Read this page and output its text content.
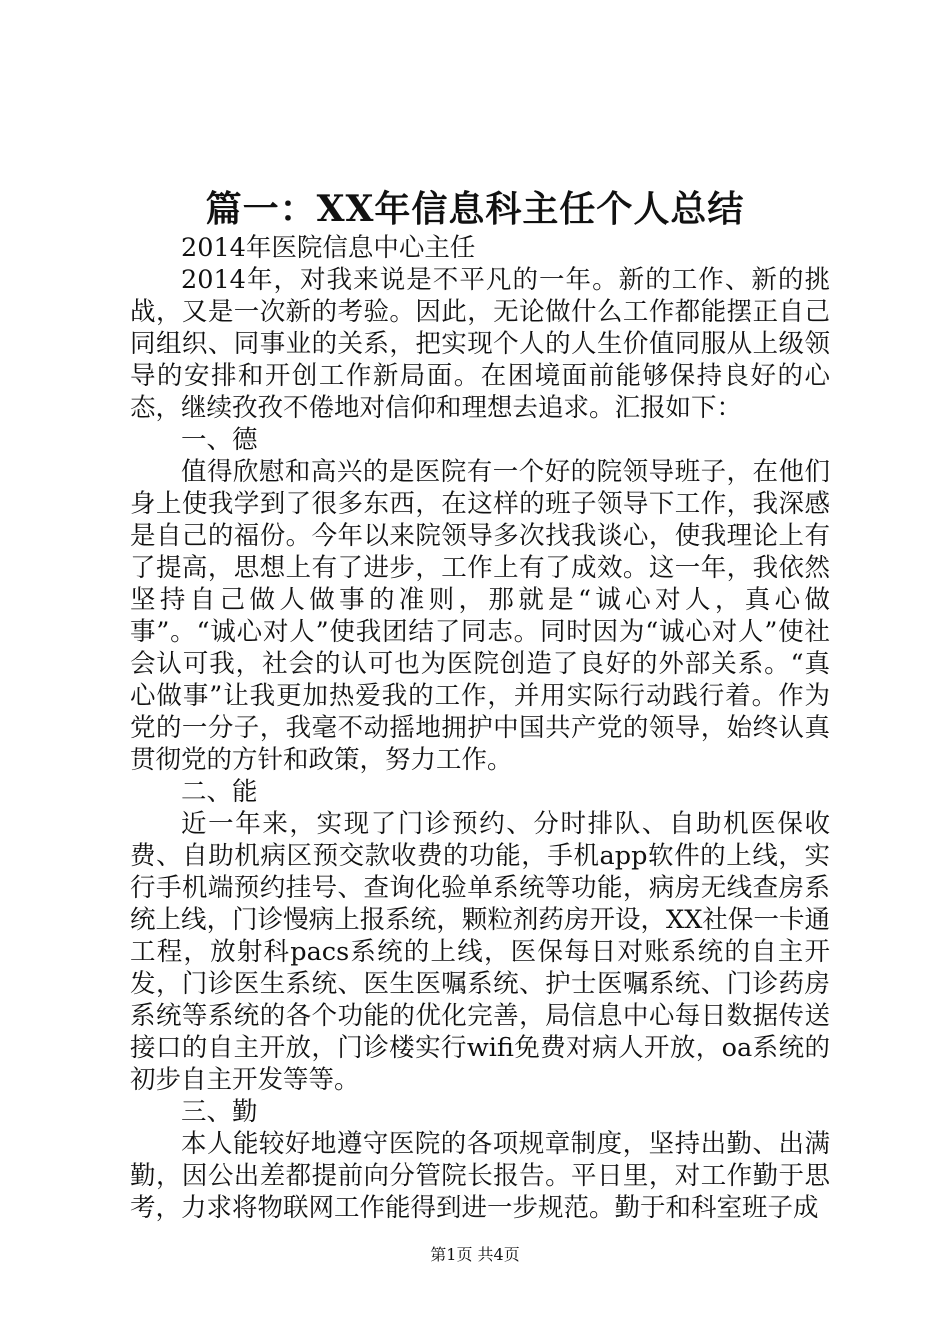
篇一：XX年信息科主任个人总结

2014年医院信息中心主任

2014年，对我来说是不平凡的一年。新的工作、新的挑战，又是一次新的考验。因此，无论做什么工作都能摆正自己同组织、同事业的关系，把实现个人的人生价值同服从上级领导的安排和开创工作新局面。在困境面前能够保持良好的心态，继续孜孜不倦地对信仰和理想去追求。汇报如下：

一、德

值得欣慰和高兴的是医院有一个好的院领导班子，在他们身上使我学到了很多东西，在这样的班子领导下工作，我深感是自己的福份。今年以来院领导多次找我谈心，使我理论上有了提高，思想上有了进步，工作上有了成效。这一年，我依然坚持自己做人做事的准则，那就是“诚心对人，真心做事”。“诚心对人”使我团结了同志。同时因为“诚心对人”使社会认可我，社会的认可也为医院创造了良好的外部关系。“真心做事”让我更加热爱我的工作，并用实际行动践行着。作为党的一分子，我毫不动摇地拥护中国共产党的领导，始终认真贯彻党的方针和政策，努力工作。

二、能

近一年来，实现了门诊预约、分时排队、自助机医保收费、自助机病区预交款收费的功能，手机app软件的上线，实行手机端预约挂号、查询化验单系统等功能，病房无线查房系统上线，门诊慢病上报系统，颗粒剂药房开设，XX社保一卡通工程，放射科pacs系统的上线，医保每日对账系统的自主开发，门诊医生系统、医生医嘱系统、护士医嘱系统、门诊药房系统等系统的各个功能的优化完善，局信息中心每日数据传送接口的自主开放，门诊楼实行wifi免费对病人开放，oa系统的初步自主开发等等。

三、勤

本人能较好地遵守医院的各项规章制度，坚持出勤、出满勤，因公出差都提前向分管院长报告。平日里，对工作勤于思考，力求将物联网工作能得到进一步规范。勤于和科室班子成

第1页 共4页
